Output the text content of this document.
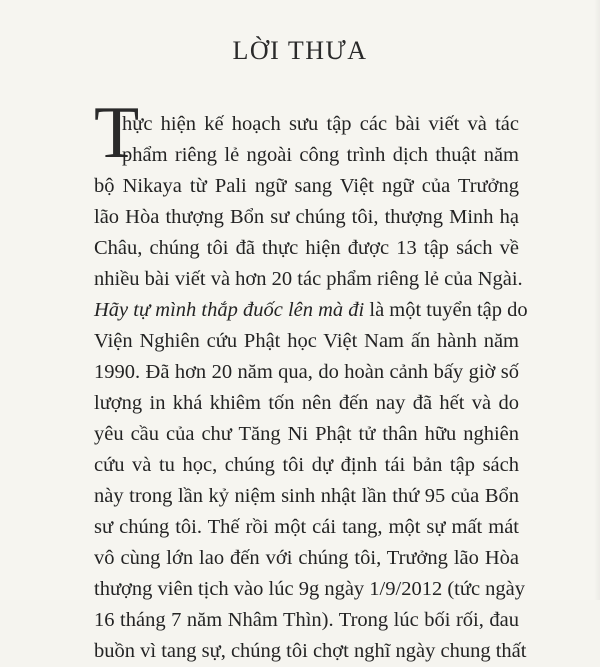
LỜI THƯA
T
hực hiện kế hoạch sưu tập các bài viết và tác
phẩm riêng lẻ ngoài công trình dịch thuật năm
bộ Nikaya từ Pali ngữ sang Việt ngữ của Trưởng
lão Hòa thượng Bổn sư chúng tôi, thượng Minh hạ
Châu, chúng tôi đã thực hiện được 13 tập sách về
nhiều bài viết và hơn 20 tác phẩm riêng lẻ của Ngài.
Hãy tự mình thắp đuốc lên mà đi là một tuyển tập do
Viện Nghiên cứu Phật học Việt Nam ấn hành năm
1990. Đã hơn 20 năm qua, do hoàn cảnh bấy giờ số
lượng in khá khiêm tốn nên đến nay đã hết và do
yêu cầu của chư Tăng Ni Phật tử thân hữu nghiên
cứu và tu học, chúng tôi dự định tái bản tập sách
này trong lần kỷ niệm sinh nhật lần thứ 95 của Bổn
sư chúng tôi. Thế rồi một cái tang, một sự mất mát
vô cùng lớn lao đến với chúng tôi, Trưởng lão Hòa
thượng viên tịch vào lúc 9g ngày 1/9/2012 (tức ngày
16 tháng 7 năm Nhâm Thìn). Trong lúc bối rối, đau
buồn vì tang sự, chúng tôi chợt nghĩ ngày chung thất
